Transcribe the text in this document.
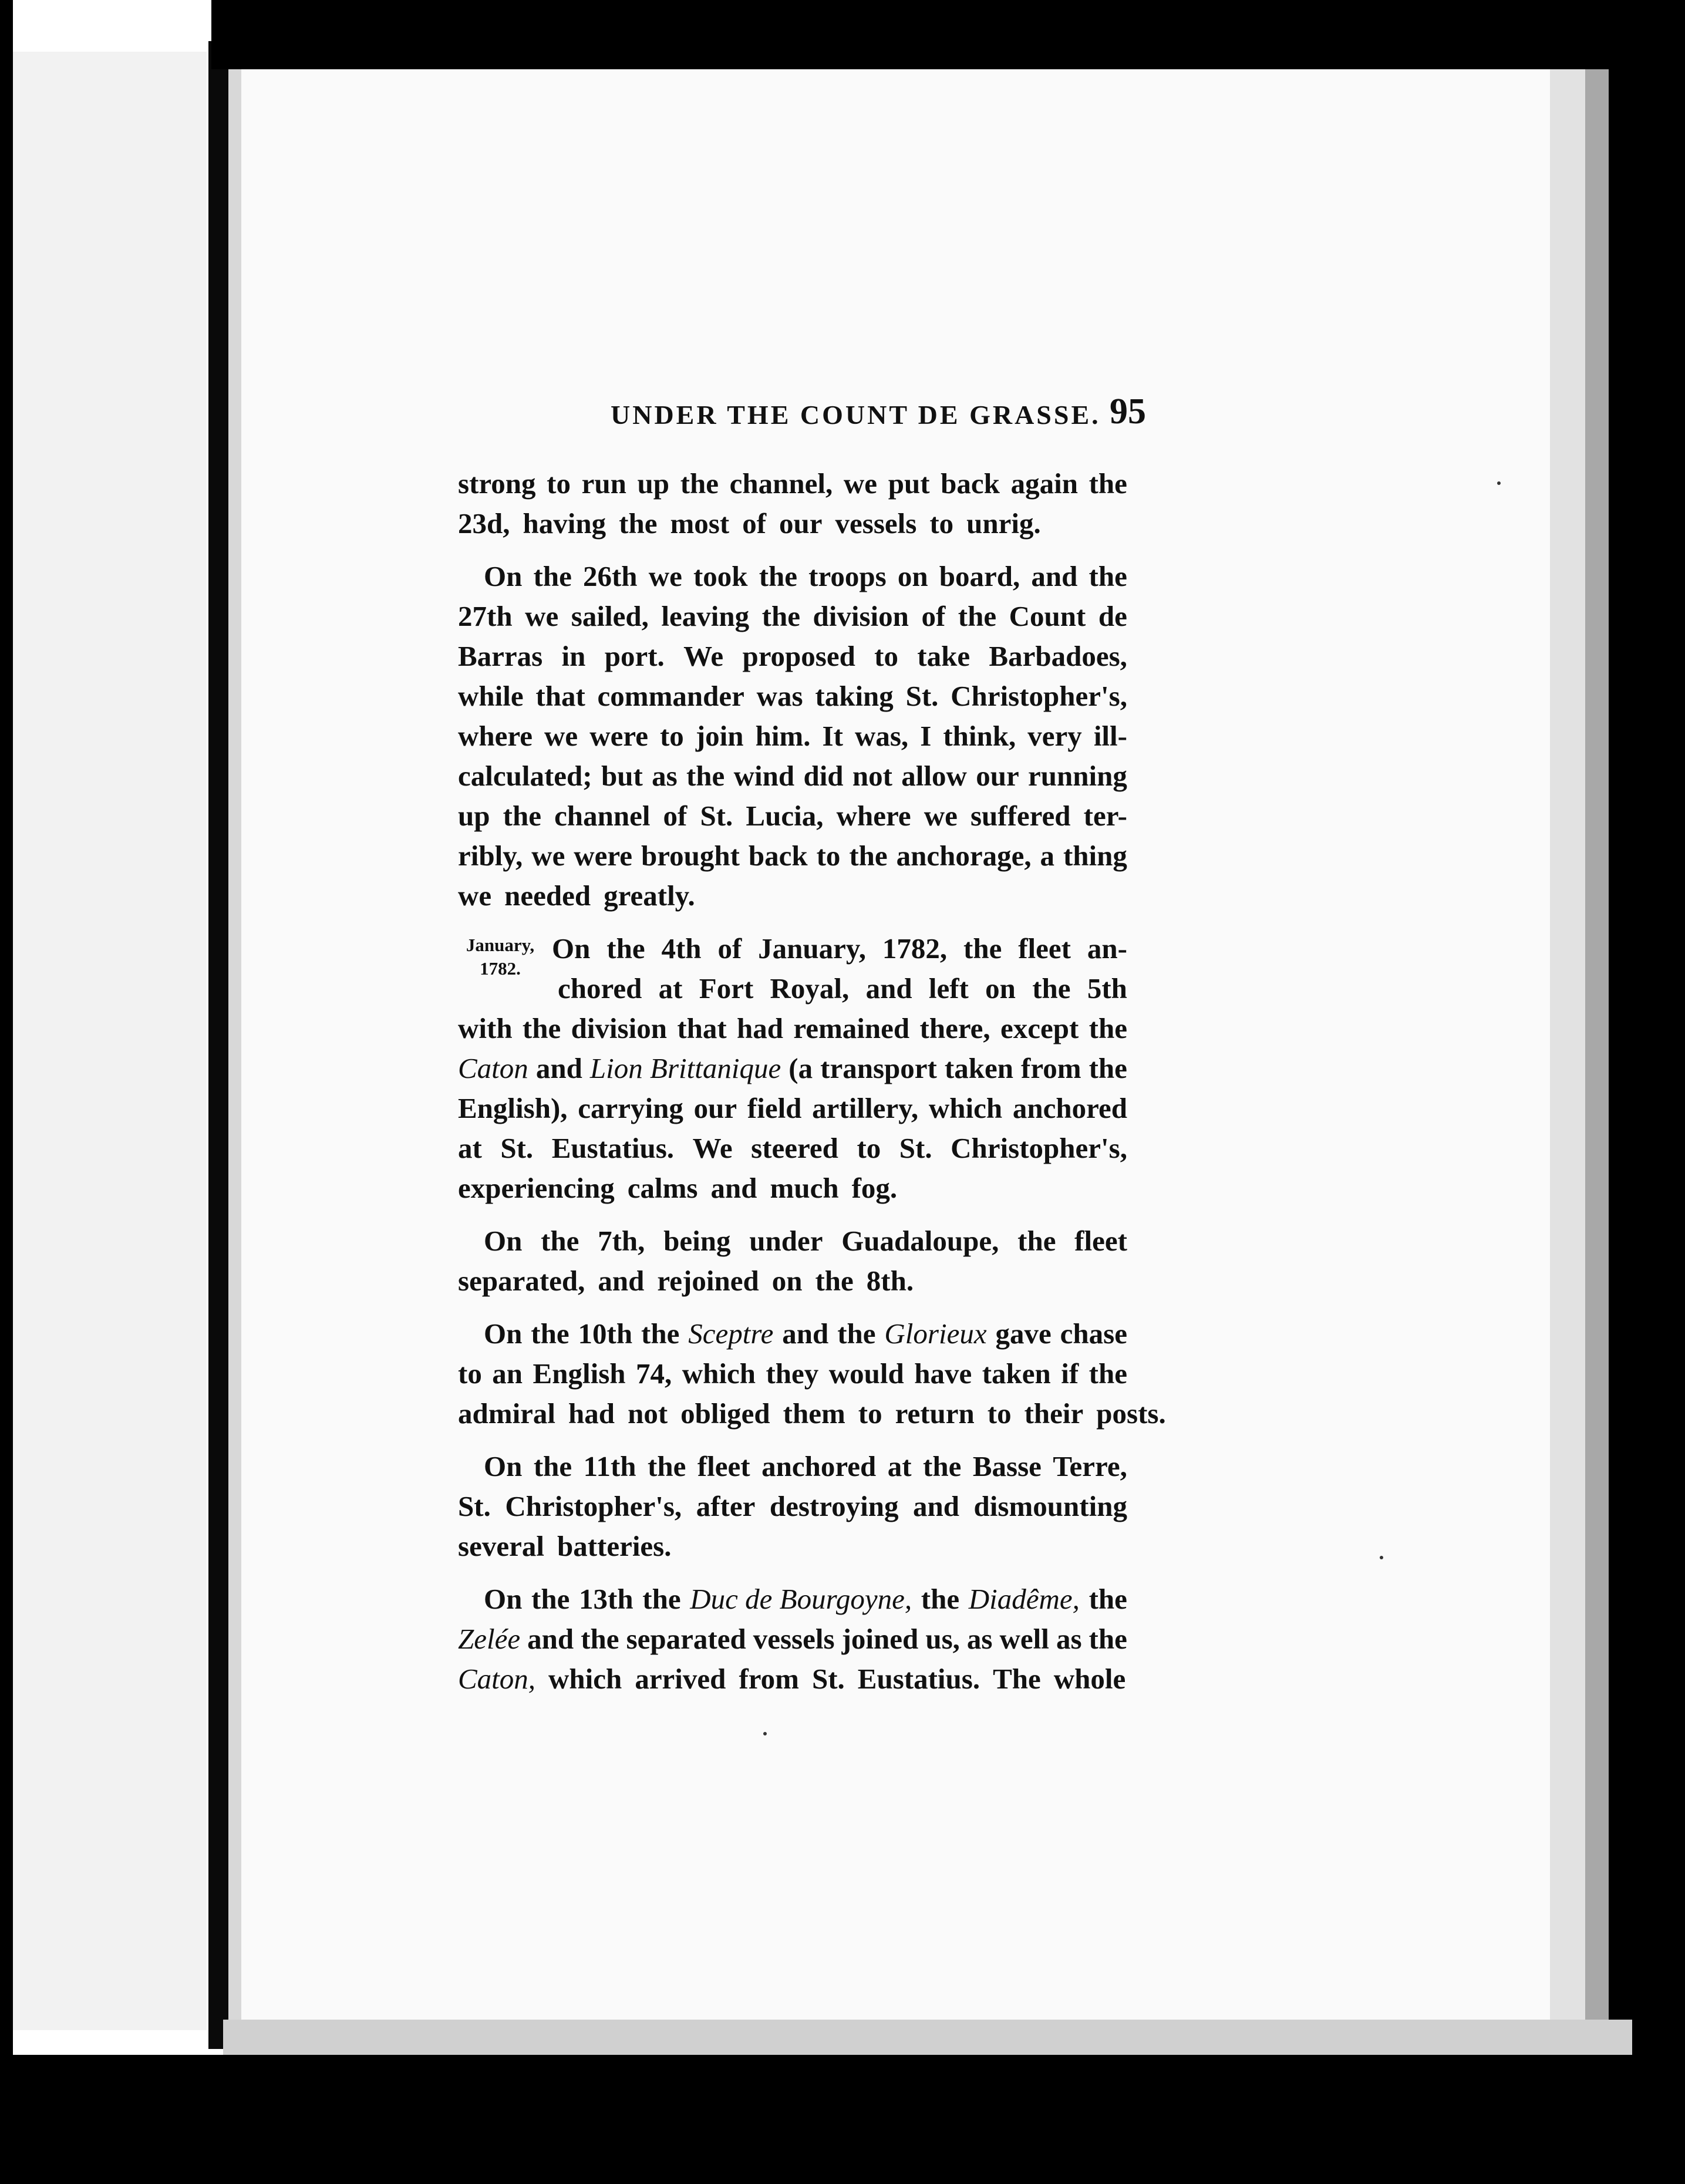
UNDER THE COUNT DE GRASSE. 95
January,
1782.
strong to run up the channel, we put back again the
23d, having the most of our vessels to unrig.
On the 26th we took the troops on board, and the
27th we sailed, leaving the division of the Count de
Barras in port. We proposed to take Barbadoes,
while that commander was taking St. Christopher's,
where we were to join him. It was, I think, very ill-
calculated; but as the wind did not allow our running
up the channel of St. Lucia, where we suffered ter-
ribly, we were brought back to the anchorage, a thing
we needed greatly.
On the 4th of January, 1782, the fleet an-
chored at Fort Royal, and left on the 5th
with the division that had remained there, except the
Caton and Lion Brittanique (a transport taken from the
English), carrying our field artillery, which anchored
at St. Eustatius. We steered to St. Christopher's,
experiencing calms and much fog.
On the 7th, being under Guadaloupe, the fleet
separated, and rejoined on the 8th.
On the 10th the Sceptre and the Glorieux gave chase
to an English 74, which they would have taken if the
admiral had not obliged them to return to their posts.
On the 11th the fleet anchored at the Basse Terre,
St. Christopher's, after destroying and dismounting
several batteries.
On the 13th the Duc de Bourgoyne, the Diadême, the
Zelée and the separated vessels joined us, as well as the
Caton, which arrived from St. Eustatius. The whole
